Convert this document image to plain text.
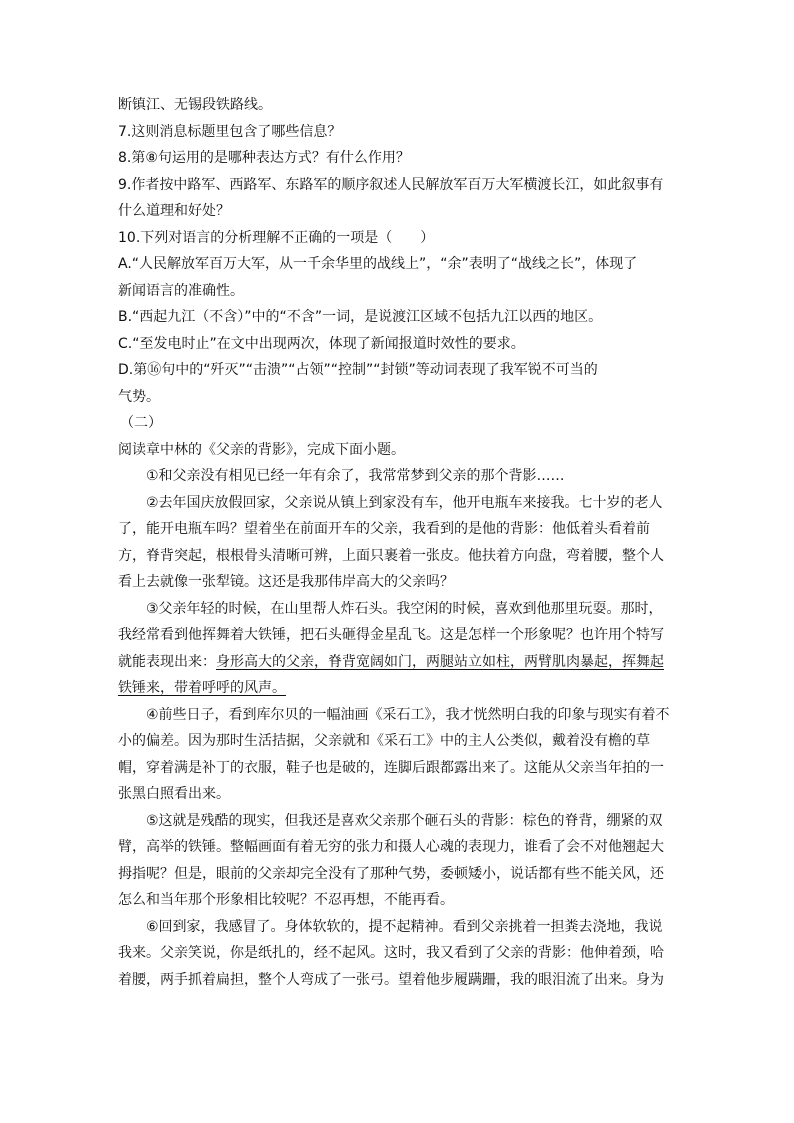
断镇江、无锡段铁路线。
7.这则消息标题里包含了哪些信息？
8.第⑧句运用的是哪种表达方式？有什么作用？
9.作者按中路军、西路军、东路军的顺序叙述人民解放军百万大军横渡长江，如此叙事有
什么道理和好处？
10.下列对语言的分析理解不正确的一项是（　　）
A.“人民解放军百万大军，从一千余华里的战线上”，“余”表明了“战线之长”，体现了
新闻语言的准确性。
B.“西起九江（不含）”中的“不含”一词，是说渡江区域不包括九江以西的地区。
C.“至发电时止”在文中出现两次，体现了新闻报道时效性的要求。
D.第⑯句中的“歼灭”“击溃”“占领”“控制”“封锁”等动词表现了我军锐不可当的
气势。
（二）
阅读章中林的《父亲的背影》，完成下面小题。
①和父亲没有相见已经一年有余了，我常常梦到父亲的那个背影……
②去年国庆放假回家，父亲说从镇上到家没有车，他开电瓶车来接我。七十岁的老人
了，能开电瓶车吗？望着坐在前面开车的父亲，我看到的是他的背影：他低着头看着前
方，脊背突起，根根骨头清晰可辨，上面只裹着一张皮。他扶着方向盘，弯着腰，整个人
看上去就像一张犁镜。这还是我那伟岸高大的父亲吗？
③父亲年轻的时候，在山里帮人炸石头。我空闲的时候，喜欢到他那里玩耍。那时，
我经常看到他挥舞着大铁锤，把石头砸得金星乱飞。这是怎样一个形象呢？也许用个特写
就能表现出来：身形高大的父亲，脊背宽阔如门，两腿站立如柱，两臂肌肉暴起，挥舞起
铁锤来，带着呼呼的风声。
④前些日子，看到库尔贝的一幅油画《采石工》，我才恍然明白我的印象与现实有着不
小的偏差。因为那时生活拮据，父亲就和《采石工》中的主人公类似，戴着没有檐的草
帽，穿着满是补丁的衣服，鞋子也是破的，连脚后跟都露出来了。这能从父亲当年拍的一
张黑白照看出来。
⑤这就是残酷的现实，但我还是喜欢父亲那个砸石头的背影：棕色的脊背，绷紧的双
臂，高举的铁锤。整幅画面有着无穷的张力和摄人心魂的表现力，谁看了会不对他翘起大
拇指呢？但是，眼前的父亲却完全没有了那种气势，委顿矮小，说话都有些不能关风，还
怎么和当年那个形象相比较呢？不忍再想，不能再看。
⑥回到家，我感冒了。身体软软的，提不起精神。看到父亲挑着一担粪去浇地，我说
我来。父亲笑说，你是纸扎的，经不起风。这时，我又看到了父亲的背影：他伸着颈，哈
着腰，两手抓着扁担，整个人弯成了一张弓。望着他步履蹒跚，我的眼泪流了出来。身为
